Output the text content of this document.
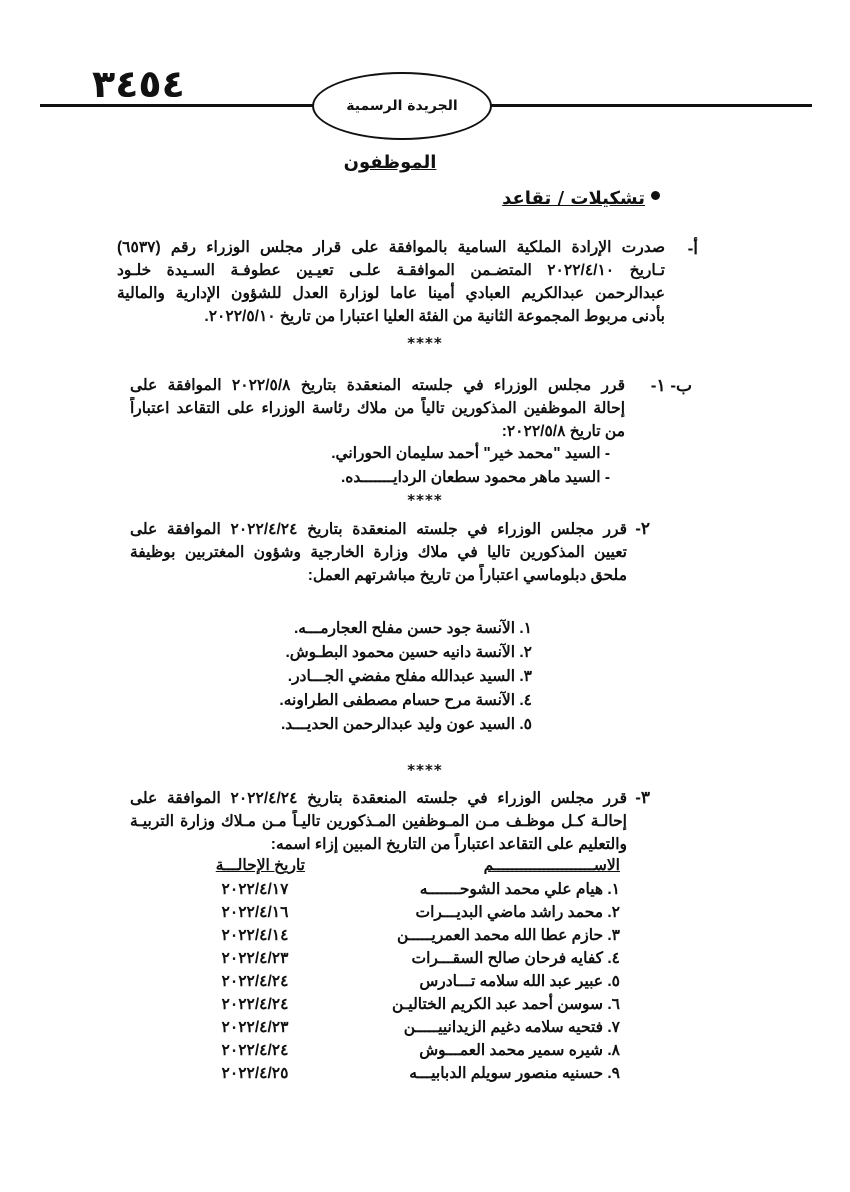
٣٤٥٤	الجريدة الرسمية
الموظفون
تشكيلات / تقاعد
أ-
صدرت الإرادة الملكية السامية بالموافقة على قرار مجلس الوزراء رقم (٦٥٣٧)
تـاريخ ٢٠٢٢/٤/١٠ المتضـمن الموافقـة علـى تعيـين عطوفـة السـيدة خلـود
عبدالرحمن عبدالكريم العبادي أمينا عاما لوزارة العدل للشؤون الإدارية والمالية
بأدنى مربوط المجموعة الثانية من الفئة العليا اعتبارا من تاريخ ٢٠٢٢/٥/١٠.
****
ب- ١-
قرر مجلس الوزراء في جلسته المنعقدة بتاريخ ٢٠٢٢/٥/٨ الموافقة على
إحالة الموظفين المذكورين تالياً من ملاك رئاسة الوزراء على التقاعد اعتباراً
من تاريخ ٢٠٢٢/٥/٨:
- السيد "محمد خير" أحمد سليمان الحوراني.
- السيد ماهر محمود سطعان الردايـــــــده.
****
٢-
قرر مجلس الوزراء في جلسته المنعقدة بتاريخ ٢٠٢٢/٤/٢٤ الموافقة على
تعيين المذكورين تاليا في ملاك وزارة الخارجية وشؤون المغتربين بوظيفة
ملحق دبلوماسي اعتباراً من تاريخ مباشرتهم العمل:
١. الآنسة جود حسن مفلح العجارمـــه.
٢. الآنسة دانيه حسين محمود البطـوش.
٣. السيد عبدالله مفلح مفضي الجـــادر.
٤. الآنسة مرح حسام مصطفى الطراونه.
٥. السيد عون وليد عبدالرحمن الحديـــد.
****
٣-
قرر مجلس الوزراء في جلسته المنعقدة بتاريخ ٢٠٢٢/٤/٢٤ الموافقة على
إحالـة كـل موظـف مـن المـوظفين المـذكورين تاليـاً مـن مـلاك وزارة التربيـة
والتعليم على التقاعد اعتباراً من التاريخ المبين إزاء اسمه:
الاســــــــــــــــــــــم
تاريخ الإحالـــة
١. هيام علي محمد الشوحـــــــه
٢. محمد راشد ماضي البديـــرات
٣. حازم عطا الله محمد العمريـــــن
٤. كفايه فرحان صالح السقـــرات
٥. عبير عبد الله سلامه تـــادرس
٦. سوسن أحمد عبد الكريم الختاليـن
٧. فتحيه سلامه دغيم الزيدانييـــــن
٨. شيره سمير محمد العمـــوش
٩. حسنيه منصور سويلم الدبابيـــه
٢٠٢٢/٤/١٧
٢٠٢٢/٤/١٦
٢٠٢٢/٤/١٤
٢٠٢٢/٤/٢٣
٢٠٢٢/٤/٢٤
٢٠٢٢/٤/٢٤
٢٠٢٢/٤/٢٣
٢٠٢٢/٤/٢٤
٢٠٢٢/٤/٢٥
